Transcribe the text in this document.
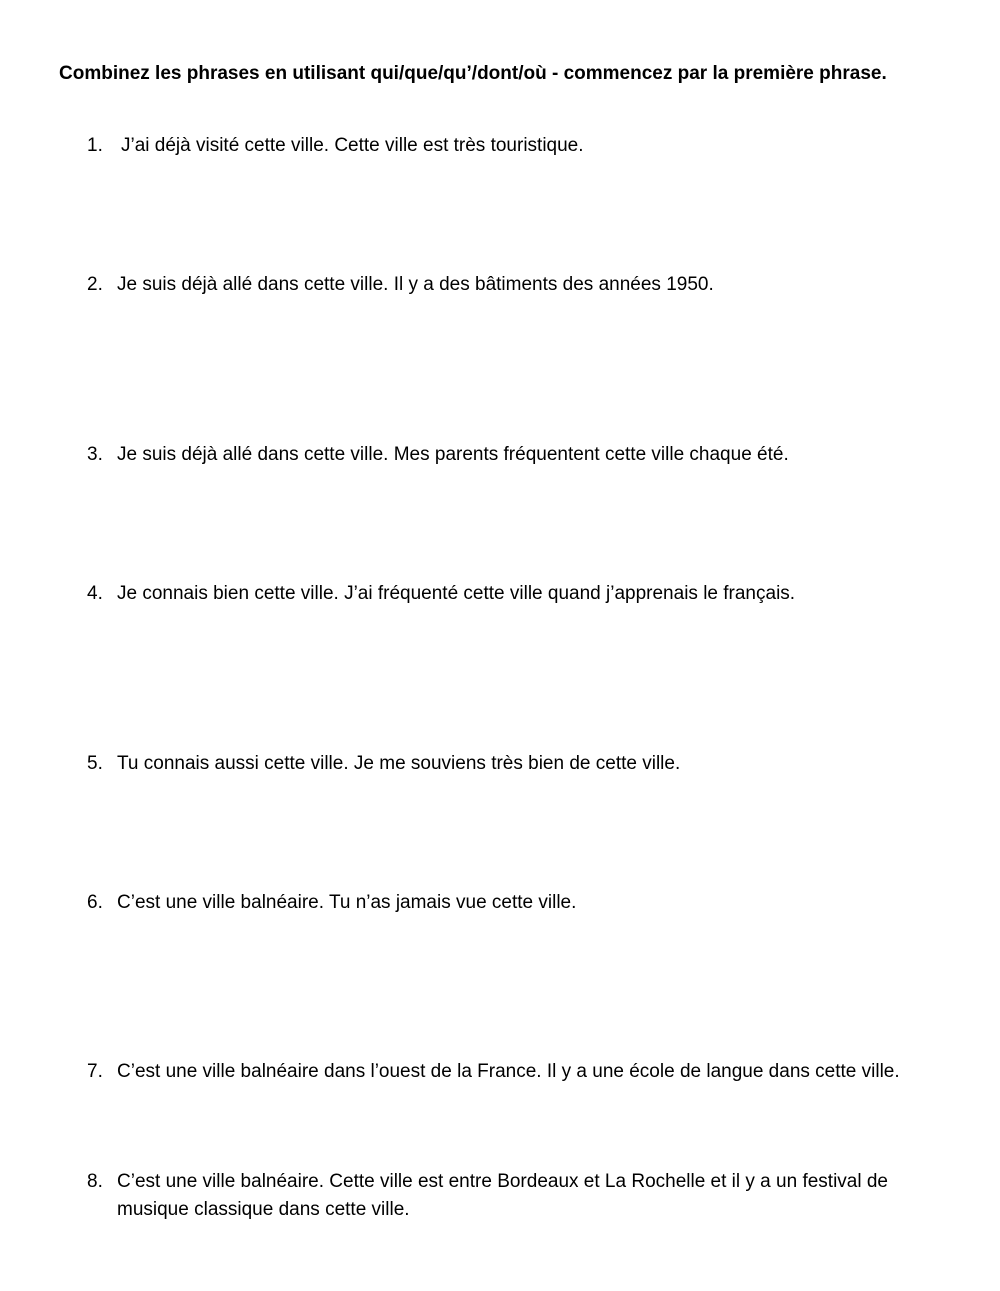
Combinez les phrases en utilisant qui/que/qu’/dont/où - commencez par la première phrase.
1. J’ai déjà visité cette ville. Cette ville est très touristique.
2. Je suis déjà allé dans cette ville. Il y a des bâtiments des années 1950.
3. Je suis déjà allé dans cette ville. Mes parents fréquentent cette ville chaque été.
4. Je connais bien cette ville. J’ai fréquenté cette ville quand j’apprenais le français.
5. Tu connais aussi cette ville. Je me souviens très bien de cette ville.
6. C’est une ville balnéaire. Tu n’as jamais vue cette ville.
7. C’est une ville balnéaire dans l’ouest de la France. Il y a une école de langue dans cette ville.
8. C’est une ville balnéaire. Cette ville est entre Bordeaux et La Rochelle et il y a un festival de musique classique dans cette ville.
